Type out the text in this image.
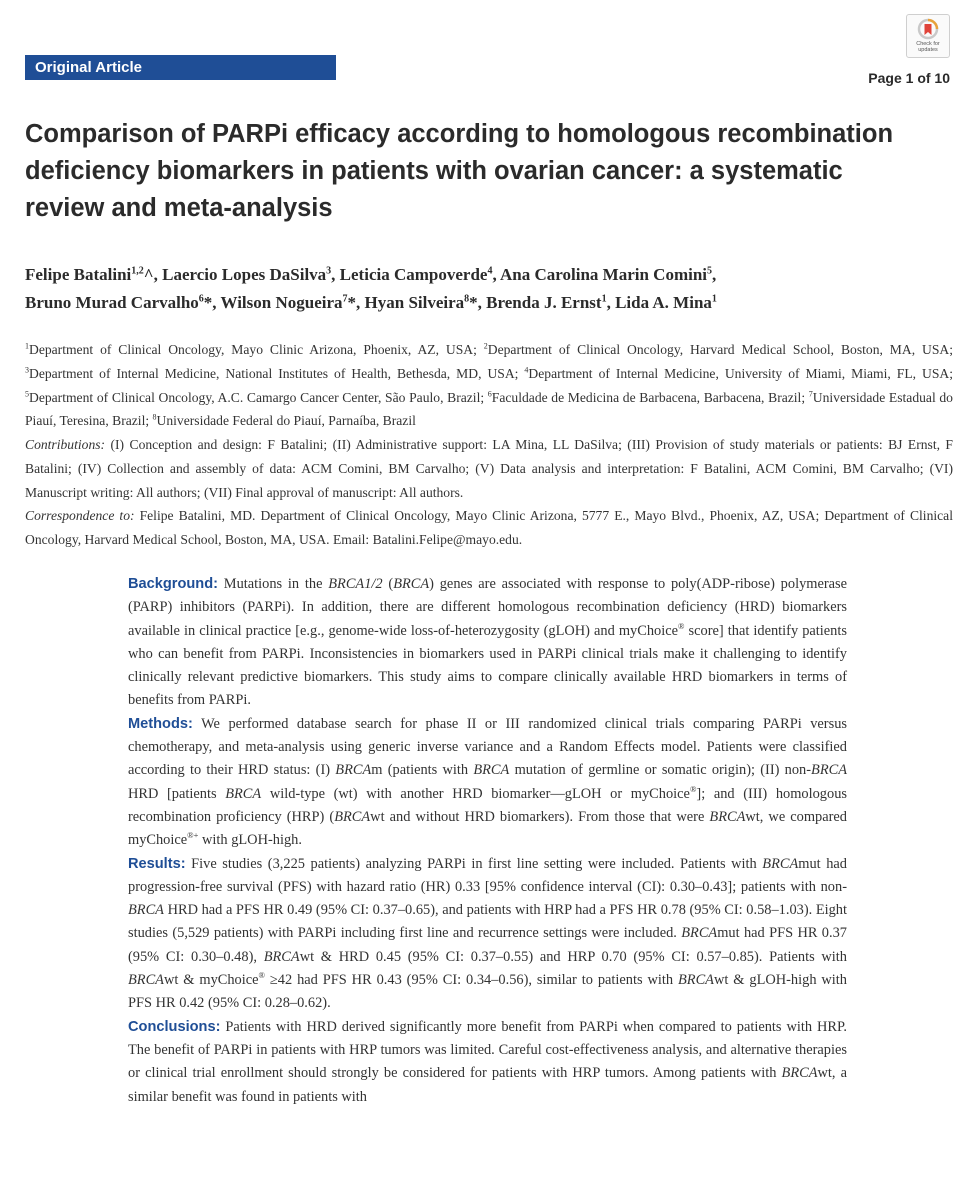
Original Article
Check for
updates
Page 1 of 10
Comparison of PARPi efficacy according to homologous recombination deficiency biomarkers in patients with ovarian cancer: a systematic review and meta-analysis
Felipe Batalini$^{1,2}$^, Laercio Lopes DaSilva$^3$, Leticia Campoverde$^4$, Ana Carolina Marin Comini$^5$,
Bruno Murad Carvalho$^6$*, Wilson Nogueira$^7$*, Hyan Silveira$^8$*, Brenda J. Ernst$^1$, Lida A. Mina$^1$
$^1$Department of Clinical Oncology, Mayo Clinic Arizona, Phoenix, AZ, USA; $^2$Department of Clinical Oncology, Harvard Medical School, Boston, MA, USA; $^3$Department of Internal Medicine, National Institutes of Health, Bethesda, MD, USA; $^4$Department of Internal Medicine, University of Miami, Miami, FL, USA; $^5$Department of Clinical Oncology, A.C. Camargo Cancer Center, São Paulo, Brazil; $^6$Faculdade de Medicina de Barbacena, Barbacena, Brazil; $^7$Universidade Estadual do Piauí, Teresina, Brazil; $^8$Universidade Federal do Piauí, Parnaíba, Brazil
Contributions: (I) Conception and design: F Batalini; (II) Administrative support: LA Mina, LL DaSilva; (III) Provision of study materials or patients: BJ Ernst, F Batalini; (IV) Collection and assembly of data: ACM Comini, BM Carvalho; (V) Data analysis and interpretation: F Batalini, ACM Comini, BM Carvalho; (VI) Manuscript writing: All authors; (VII) Final approval of manuscript: All authors.
Correspondence to: Felipe Batalini, MD. Department of Clinical Oncology, Mayo Clinic Arizona, 5777 E., Mayo Blvd., Phoenix, AZ, USA; Department of Clinical Oncology, Harvard Medical School, Boston, MA, USA. Email: Batalini.Felipe@mayo.edu.

Background: Mutations in the BRCA1/2 (BRCA) genes are associated with response to poly(ADP-ribose) polymerase (PARP) inhibitors (PARPi). In addition, there are different homologous recombination deficiency (HRD) biomarkers available in clinical practice [e.g., genome-wide loss-of-heterozygosity (gLOH) and myChoice® score] that identify patients who can benefit from PARPi. Inconsistencies in biomarkers used in PARPi clinical trials make it challenging to identify clinically relevant predictive biomarkers. This study aims to compare clinically available HRD biomarkers in terms of benefits from PARPi.

Methods: We performed database search for phase II or III randomized clinical trials comparing PARPi versus chemotherapy, and meta-analysis using generic inverse variance and a Random Effects model. Patients were classified according to their HRD status: (I) BRCAm (patients with BRCA mutation of germline or somatic origin); (II) non-BRCA HRD [patients BRCA wild-type (wt) with another HRD biomarker—gLOH or myChoice®]; and (III) homologous recombination proficiency (HRP) (BRCAwt and without HRD biomarkers). From those that were BRCAwt, we compared myChoice®+ with gLOH-high.

Results: Five studies (3,225 patients) analyzing PARPi in first line setting were included. Patients with BRCAmut had progression-free survival (PFS) with hazard ratio (HR) 0.33 [95% confidence interval (CI): 0.30–0.43]; patients with non-BRCA HRD had a PFS HR 0.49 (95% CI: 0.37–0.65), and patients with HRP had a PFS HR 0.78 (95% CI: 0.58–1.03). Eight studies (5,529 patients) with PARPi including first line and recurrence settings were included. BRCAmut had PFS HR 0.37 (95% CI: 0.30–0.48), BRCAwt & HRD 0.45 (95% CI: 0.37–0.55) and HRP 0.70 (95% CI: 0.57–0.85). Patients with BRCAwt & myChoice® ≥42 had PFS HR 0.43 (95% CI: 0.34–0.56), similar to patients with BRCAwt & gLOH-high with PFS HR 0.42 (95% CI: 0.28–0.62).

Conclusions: Patients with HRD derived significantly more benefit from PARPi when compared to patients with HRP. The benefit of PARPi in patients with HRP tumors was limited. Careful cost-effectiveness analysis, and alternative therapies or clinical trial enrollment should strongly be considered for patients with HRP tumors. Among patients with BRCAwt, a similar benefit was found in patients with
